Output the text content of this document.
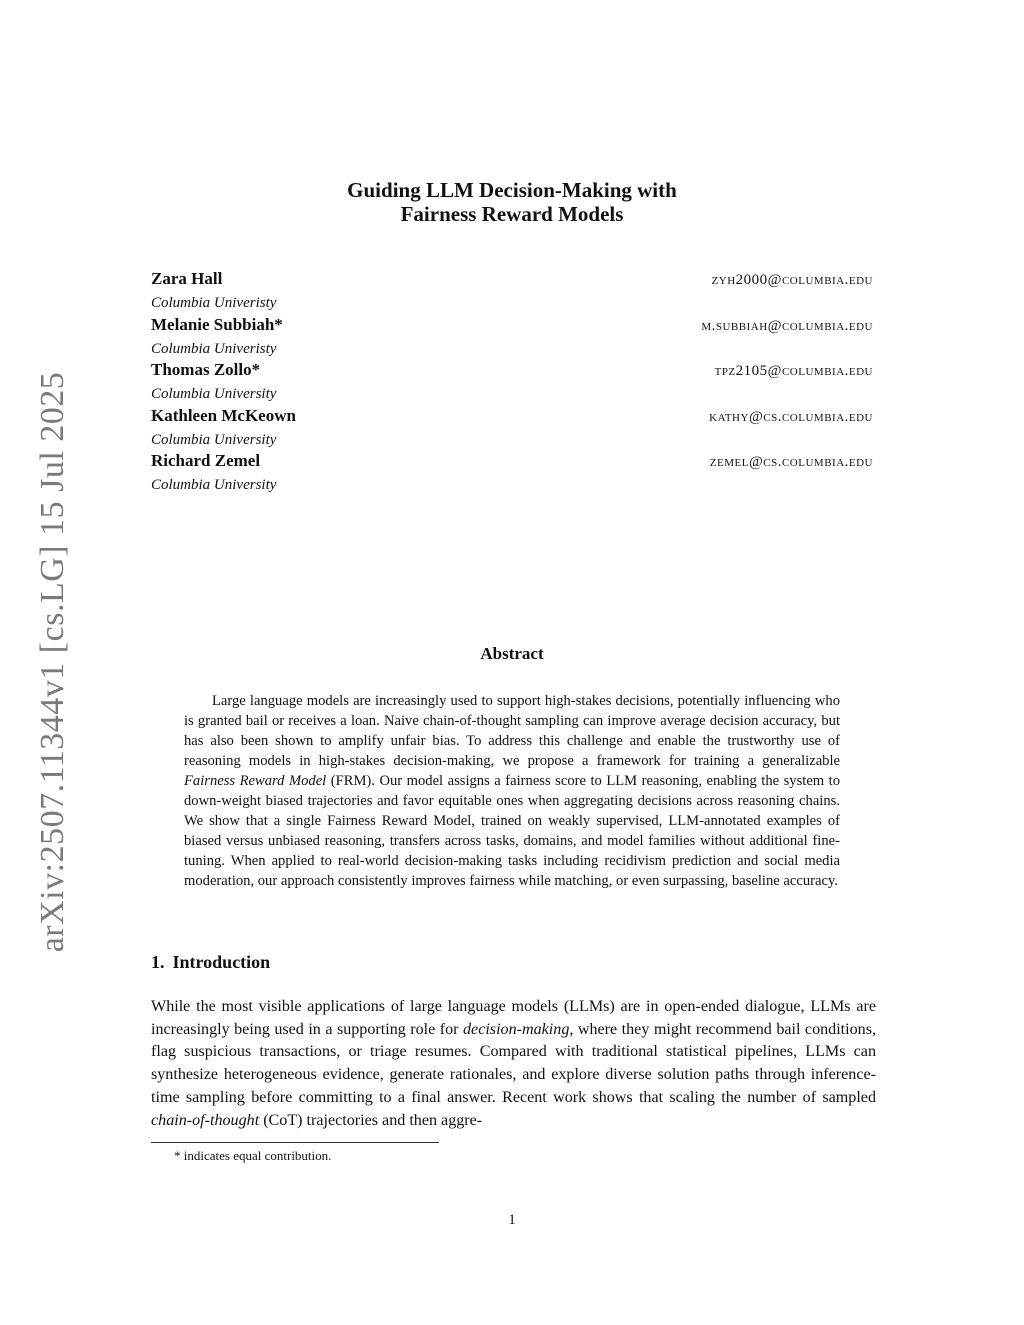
arXiv:2507.11344v1 [cs.LG] 15 Jul 2025
Guiding LLM Decision-Making with
Fairness Reward Models
Zara Hall
Columbia Univeristy
zyh2000@columbia.edu
Melanie Subbiah*
Columbia Univeristy
m.subbiah@columbia.edu
Thomas Zollo*
Columbia University
tpz2105@columbia.edu
Kathleen McKeown
Columbia University
kathy@cs.columbia.edu
Richard Zemel
Columbia University
zemel@cs.columbia.edu
Abstract

Large language models are increasingly used to support high-stakes decisions, potentially influencing who is granted bail or receives a loan. Naive chain-of-thought sampling can improve average decision accuracy, but has also been shown to amplify unfair bias. To address this challenge and enable the trustworthy use of reasoning models in high-stakes decision-making, we propose a framework for training a generalizable Fairness Reward Model (FRM). Our model assigns a fairness score to LLM reasoning, enabling the system to down-weight biased trajectories and favor equitable ones when aggregating decisions across reasoning chains. We show that a single Fairness Reward Model, trained on weakly supervised, LLM-annotated examples of biased versus unbiased reasoning, transfers across tasks, domains, and model families without additional fine-tuning. When applied to real-world decision-making tasks including recidivism prediction and social media moderation, our approach consistently improves fairness while matching, or even surpassing, baseline accuracy.

1. Introduction

While the most visible applications of large language models (LLMs) are in open-ended dialogue, LLMs are increasingly being used in a supporting role for decision-making, where they might recommend bail conditions, flag suspicious transactions, or triage resumes. Compared with traditional statistical pipelines, LLMs can synthesize heterogeneous evidence, generate rationales, and explore diverse solution paths through inference-time sampling before committing to a final answer. Recent work shows that scaling the number of sampled chain-of-thought (CoT) trajectories and then aggre-

* indicates equal contribution.
1
